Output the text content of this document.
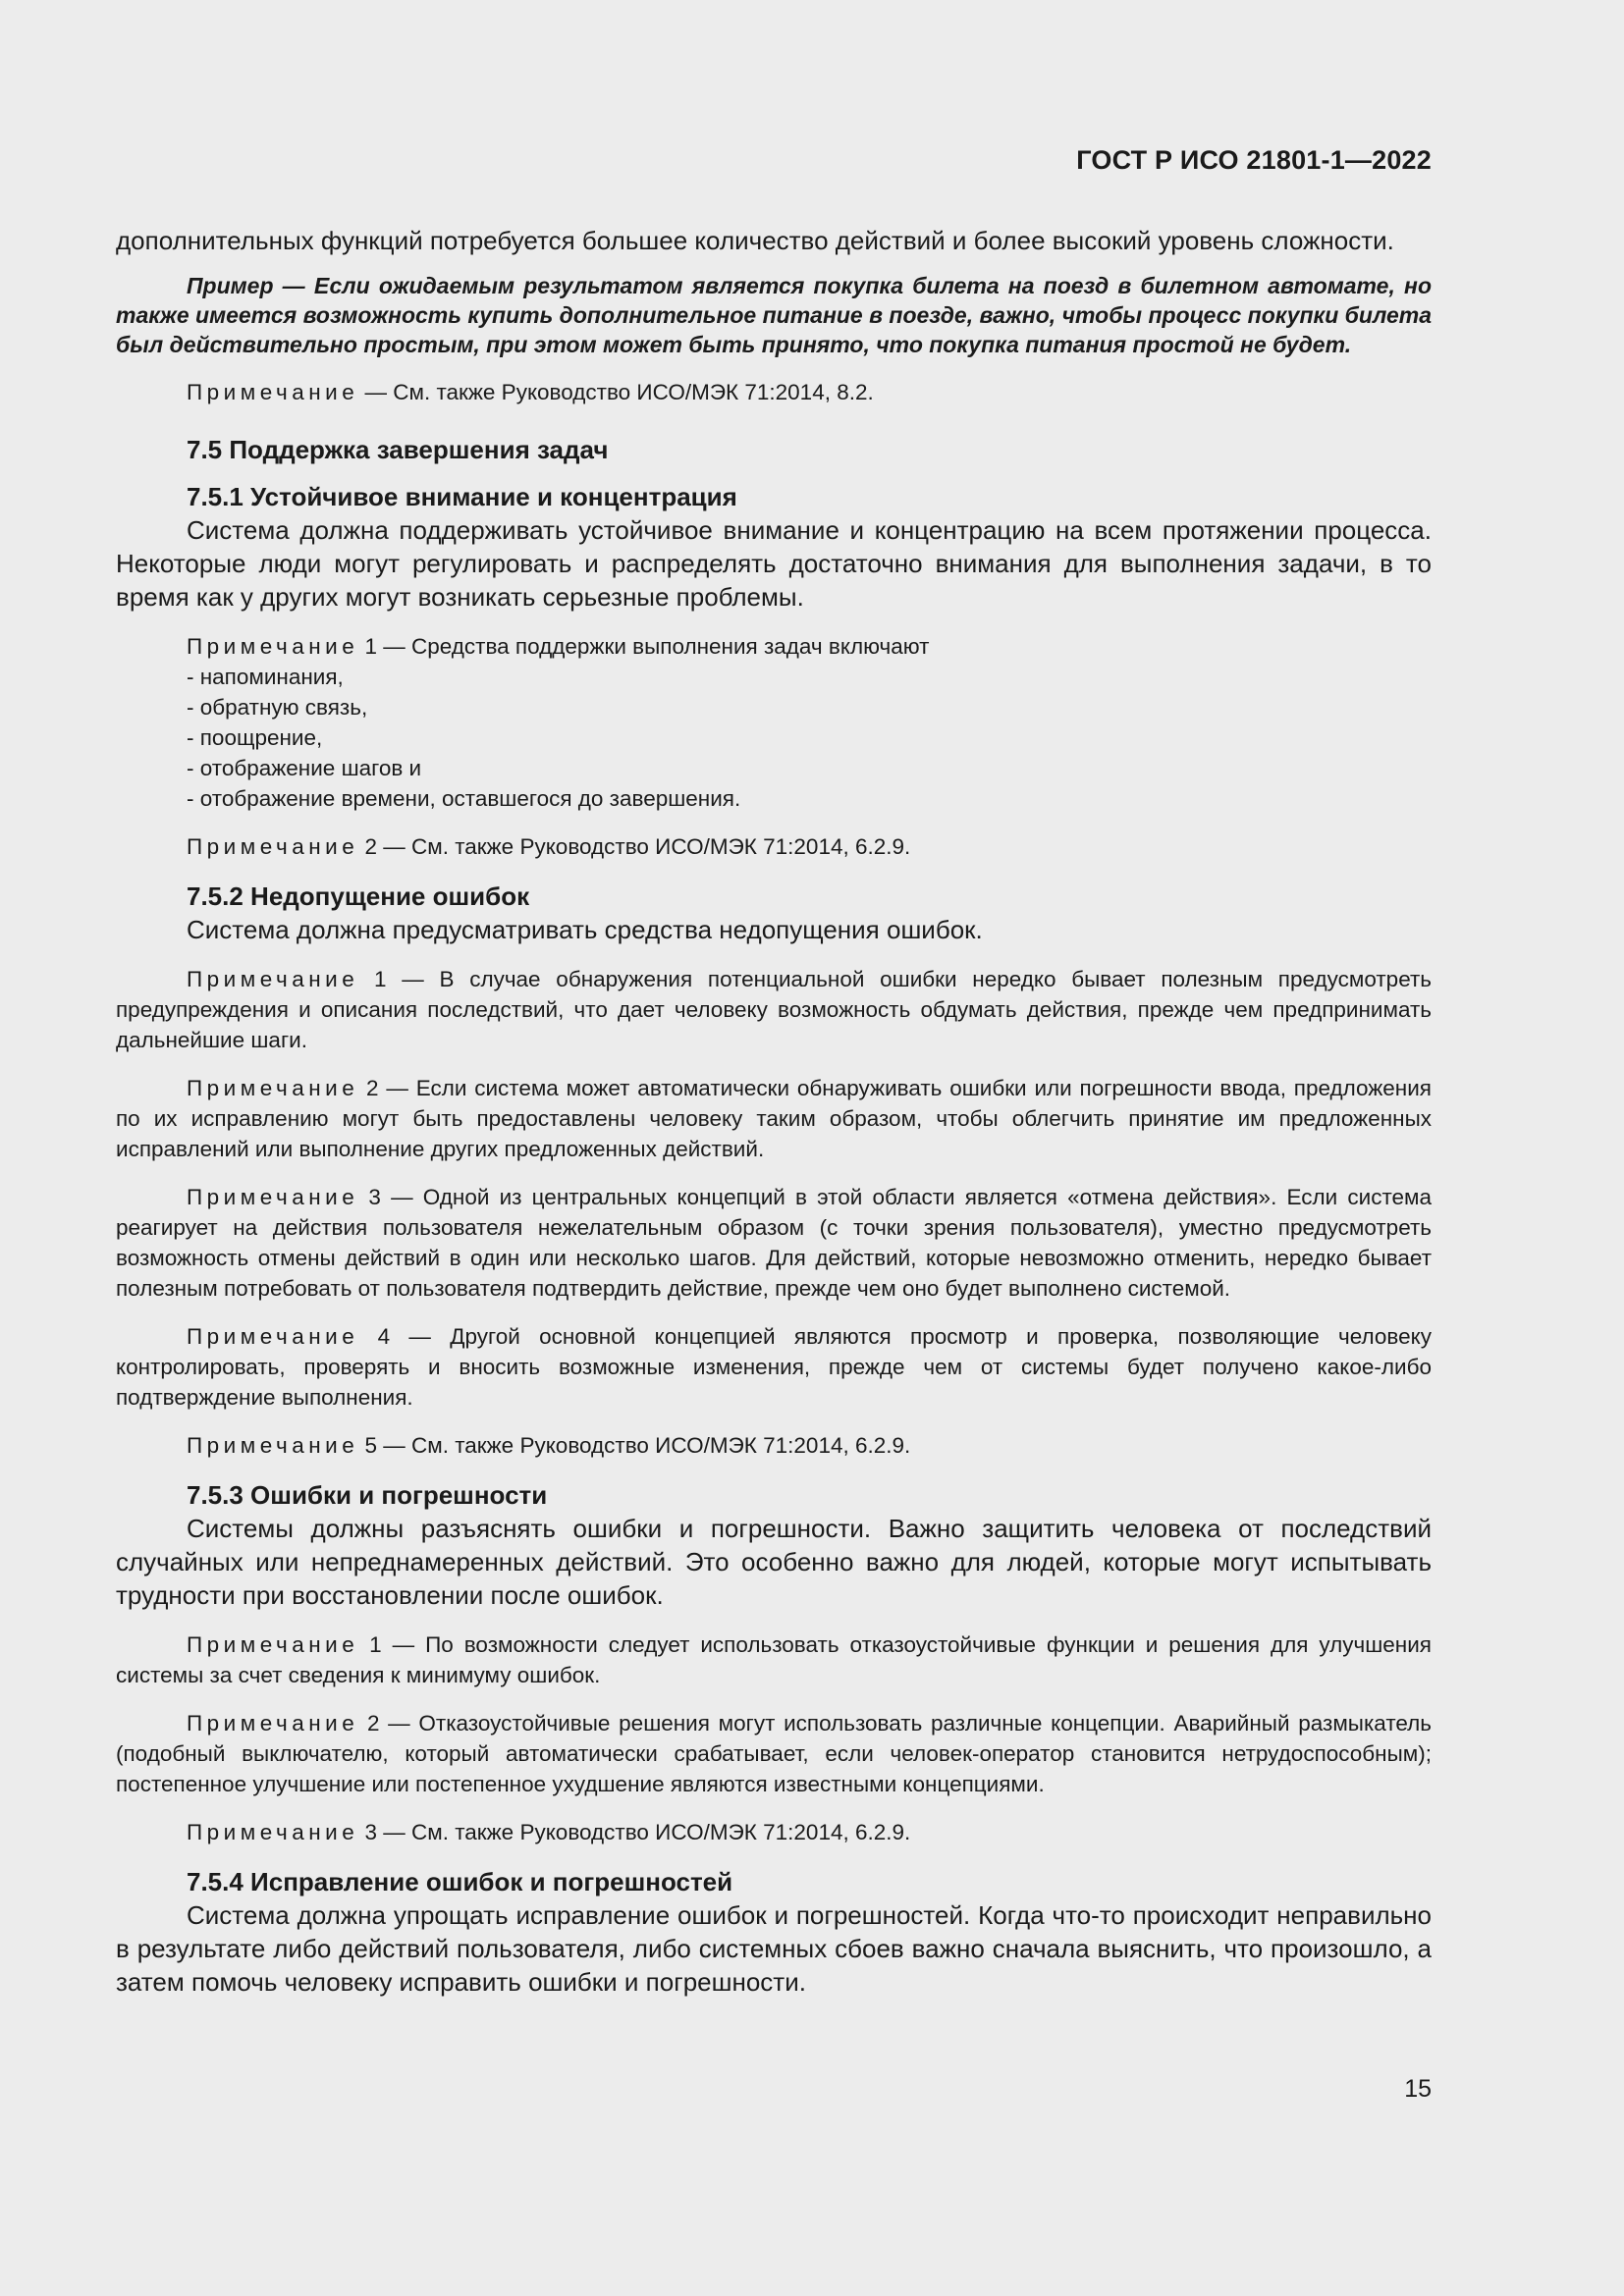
ГОСТ Р ИСО 21801-1—2022

дополнительных функций потребуется большее количество действий и более высокий уровень сложности.

Пример — Если ожидаемым результатом является покупка билета на поезд в билетном автомате, но также имеется возможность купить дополнительное питание в поезде, важно, чтобы процесс покупки билета был действительно простым, при этом может быть принято, что покупка питания простой не будет.

Примечание — См. также Руководство ИСО/МЭК 71:2014, 8.2.

7.5 Поддержка завершения задач
7.5.1 Устойчивое внимание и концентрация

Система должна поддерживать устойчивое внимание и концентрацию на всем протяжении процесса. Некоторые люди могут регулировать и распределять достаточно внимания для выполнения задачи, в то время как у других могут возникать серьезные проблемы.

Примечание 1 — Средства поддержки выполнения задач включают

- напоминания,

- обратную связь,

- поощрение,

- отображение шагов и

- отображение времени, оставшегося до завершения.

Примечание 2 — См. также Руководство ИСО/МЭК 71:2014, 6.2.9.

7.5.2 Недопущение ошибок

Система должна предусматривать средства недопущения ошибок.

Примечание 1 — В случае обнаружения потенциальной ошибки нередко бывает полезным предусмотреть предупреждения и описания последствий, что дает человеку возможность обдумать действия, прежде чем предпринимать дальнейшие шаги.

Примечание 2 — Если система может автоматически обнаруживать ошибки или погрешности ввода, предложения по их исправлению могут быть предоставлены человеку таким образом, чтобы облегчить принятие им предложенных исправлений или выполнение других предложенных действий.

Примечание 3 — Одной из центральных концепций в этой области является «отмена действия». Если система реагирует на действия пользователя нежелательным образом (с точки зрения пользователя), уместно предусмотреть возможность отмены действий в один или несколько шагов. Для действий, которые невозможно отменить, нередко бывает полезным потребовать от пользователя подтвердить действие, прежде чем оно будет выполнено системой.

Примечание 4 — Другой основной концепцией являются просмотр и проверка, позволяющие человеку контролировать, проверять и вносить возможные изменения, прежде чем от системы будет получено какое-либо подтверждение выполнения.

Примечание 5 — См. также Руководство ИСО/МЭК 71:2014, 6.2.9.

7.5.3 Ошибки и погрешности

Системы должны разъяснять ошибки и погрешности. Важно защитить человека от последствий случайных или непреднамеренных действий. Это особенно важно для людей, которые могут испытывать трудности при восстановлении после ошибок.

Примечание 1 — По возможности следует использовать отказоустойчивые функции и решения для улучшения системы за счет сведения к минимуму ошибок.

Примечание 2 — Отказоустойчивые решения могут использовать различные концепции. Аварийный размыкатель (подобный выключателю, который автоматически срабатывает, если человек-оператор становится нетрудоспособным); постепенное улучшение или постепенное ухудшение являются известными концепциями.

Примечание 3 — См. также Руководство ИСО/МЭК 71:2014, 6.2.9.

7.5.4 Исправление ошибок и погрешностей

Система должна упрощать исправление ошибок и погрешностей. Когда что-то происходит неправильно в результате либо действий пользователя, либо системных сбоев важно сначала выяснить, что произошло, а затем помочь человеку исправить ошибки и погрешности.

15
